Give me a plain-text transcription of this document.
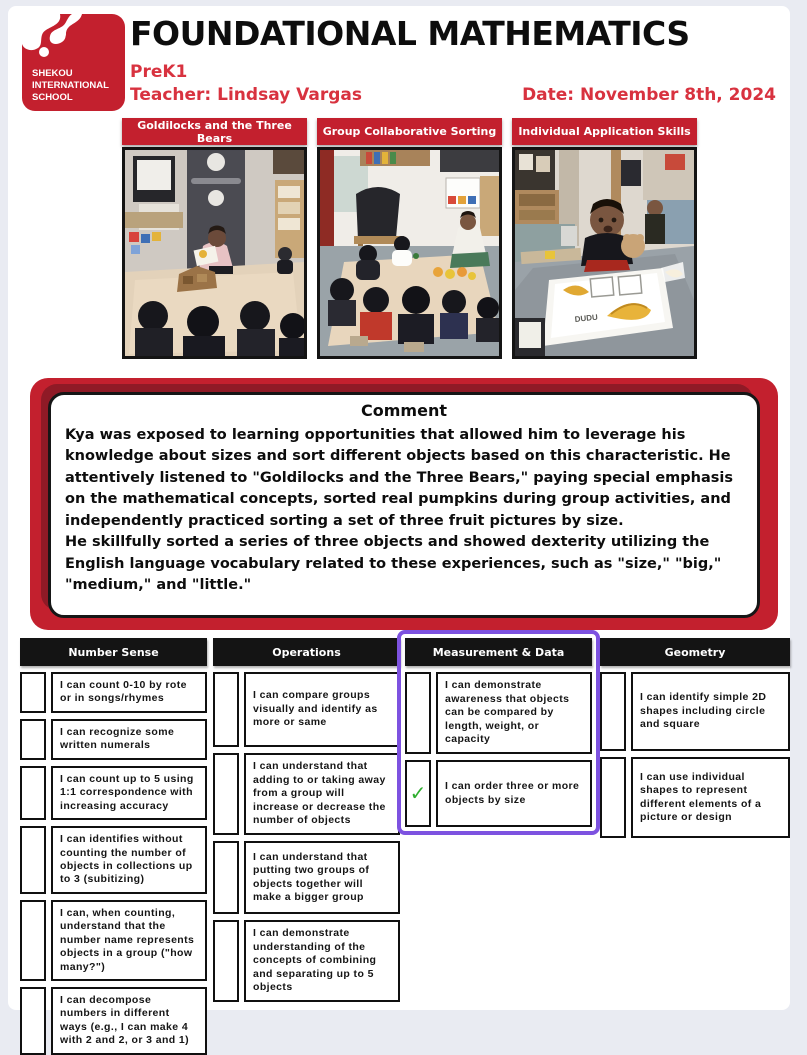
SHEKOU
INTERNATIONAL
SCHOOL
FOUNDATIONAL MATHEMATICS
PreK1
Teacher: Lindsay Vargas	Date: November 8th, 2024
Goldilocks and the Three Bears	Group Collaborative Sorting	Individual Application Skills
DUDU
Comment
Kya was exposed to learning opportunities that allowed him to leverage his knowledge about sizes and sort different objects based on this characteristic. He attentively listened to "Goldilocks and the Three Bears," paying special emphasis on the mathematical concepts, sorted real pumpkins during group activities, and independently practiced sorting a set of three fruit pictures by size.
He skillfully sorted a series of three objects and showed dexterity utilizing the English language vocabulary related to these experiences, such as "size," "big," "medium," and "little."
Number Sense
I can count 0-10 by rote or in songs/rhymes
I can recognize some written numerals
I can count up to 5 using 1:1 correspondence with increasing accuracy
I can identifies without counting the number of objects in collections up to 3 (subitizing)
I can, when counting, understand that the number name represents objects in a group ("how many?")
I can decompose numbers in different ways (e.g., I can make 4 with 2 and 2, or 3 and 1)
Operations
I can compare groups visually and identify as more or same
I can understand that adding to or taking away from a group will increase or decrease the number of objects
I can understand that putting two groups of objects together will make a bigger group
I can demonstrate understanding of the concepts of combining and separating up to 5 objects
Measurement & Data
I can demonstrate awareness that objects can be compared by length, weight, or capacity
✓	I can order three or more objects by size
Geometry
I can identify simple 2D shapes including circle and square
I can use individual shapes to represent different elements of a picture or design
